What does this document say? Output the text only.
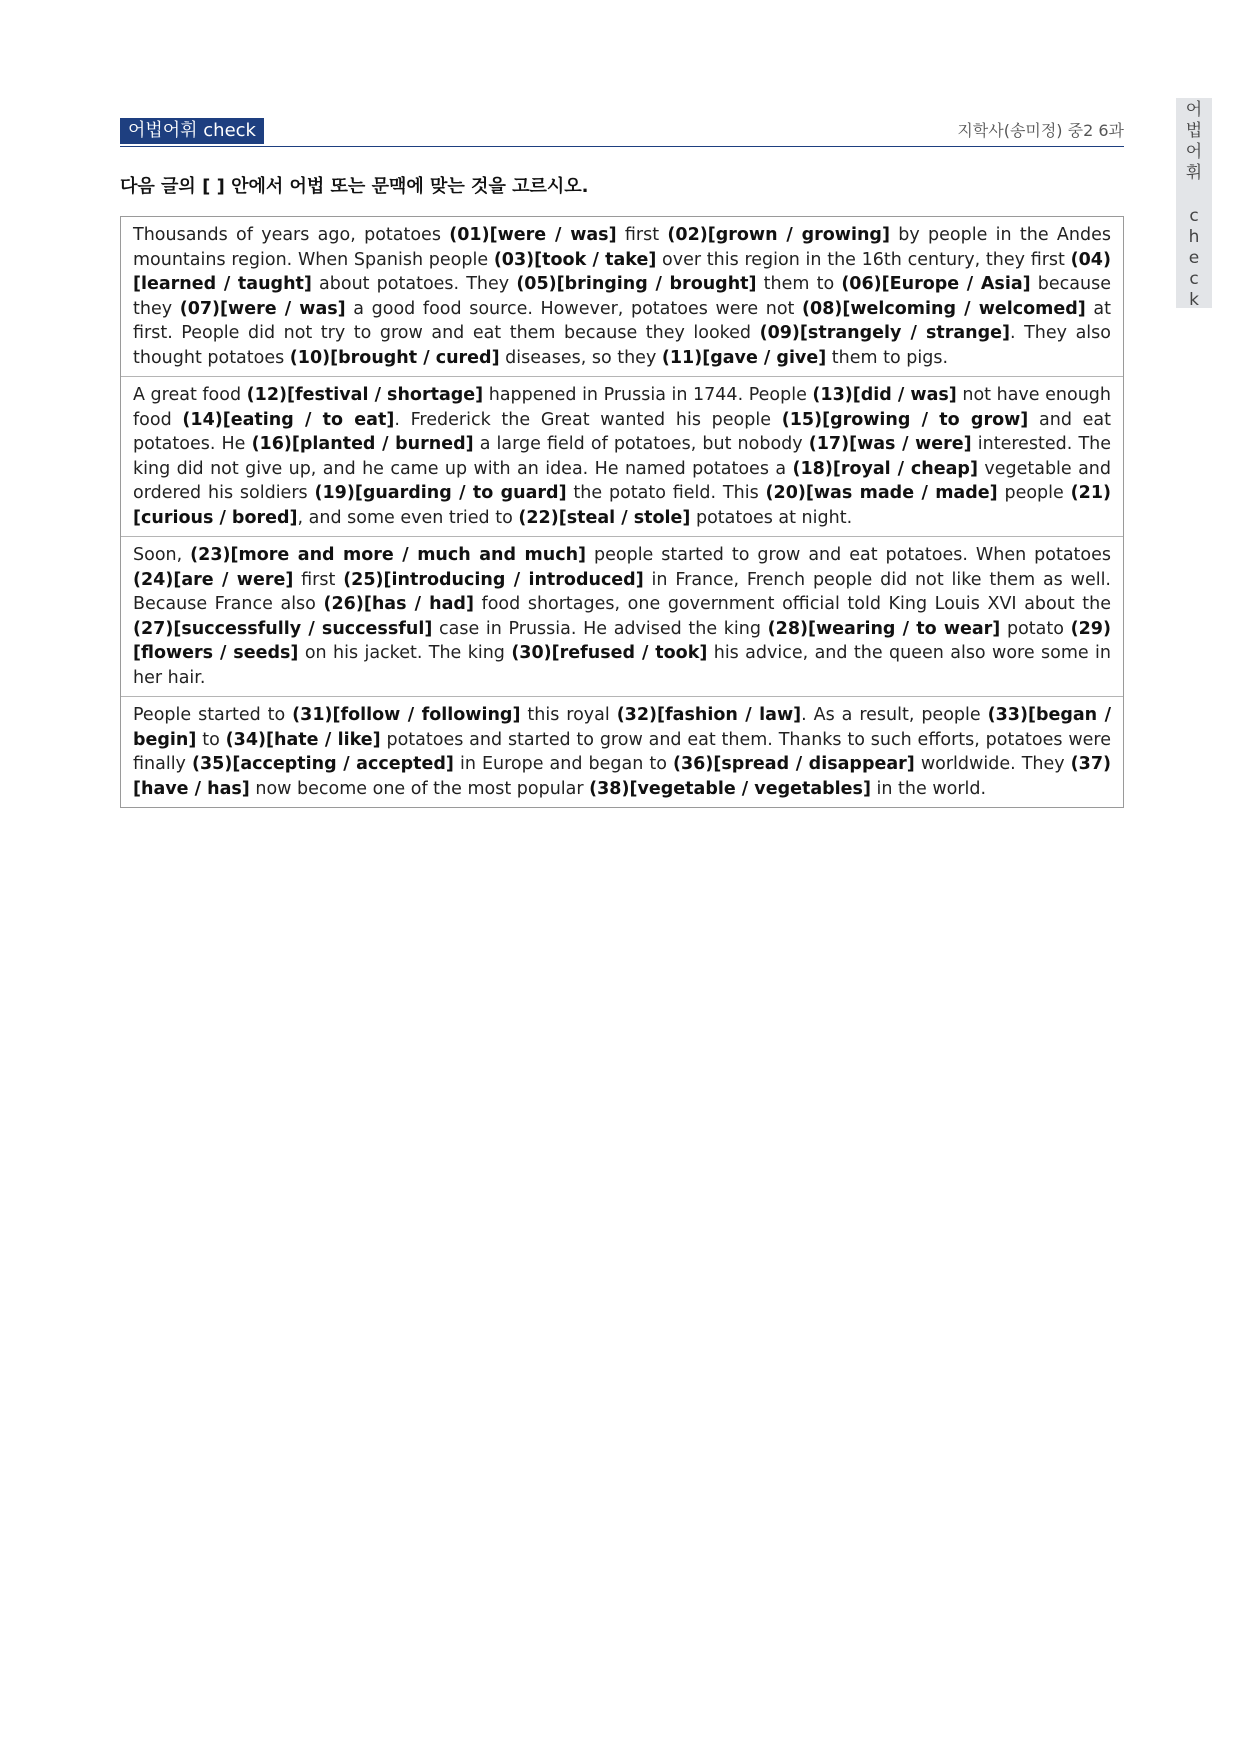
어법어휘 check	지학사(송미정) 중2 6과
어
법
어
휘
c
h
e
c
k
다음 글의 [ ] 안에서 어법 또는 문맥에 맞는 것을 고르시오.
Thousands of years ago, potatoes (01)[were / was] first (02)[grown / growing] by people in the Andes mountains region. When Spanish people (03)[took / take] over this region in the 16th century, they first (04)[learned / taught] about potatoes. They (05)[bringing / brought] them to (06)[Europe / Asia] because they (07)[were / was] a good food source. However, potatoes were not (08)[welcoming / welcomed] at first. People did not try to grow and eat them because they looked (09)[strangely / strange]. They also thought potatoes (10)[brought / cured] diseases, so they (11)[gave / give] them to pigs.
A great food (12)[festival / shortage] happened in Prussia in 1744. People (13)[did / was] not have enough food (14)[eating / to eat]. Frederick the Great wanted his people (15)[growing / to grow] and eat potatoes. He (16)[planted / burned] a large field of potatoes, but nobody (17)[was / were] interested. The king did not give up, and he came up with an idea. He named potatoes a (18)[royal / cheap] vegetable and ordered his soldiers (19)[guarding / to guard] the potato field. This (20)[was made / made] people (21)[curious / bored], and some even tried to (22)[steal / stole] potatoes at night.
Soon, (23)[more and more / much and much] people started to grow and eat potatoes. When potatoes (24)[are / were] first (25)[introducing / introduced] in France, French people did not like them as well. Because France also (26)[has / had] food shortages, one government official told King Louis XVI about the (27)[successfully / successful] case in Prussia. He advised the king (28)[wearing / to wear] potato (29)[flowers / seeds] on his jacket. The king (30)[refused / took] his advice, and the queen also wore some in her hair.
People started to (31)[follow / following] this royal (32)[fashion / law]. As a result, people (33)[began / begin] to (34)[hate / like] potatoes and started to grow and eat them. Thanks to such efforts, potatoes were finally (35)[accepting / accepted] in Europe and began to (36)[spread / disappear] worldwide. They (37)[have / has] now become one of the most popular (38)[vegetable / vegetables] in the world.
